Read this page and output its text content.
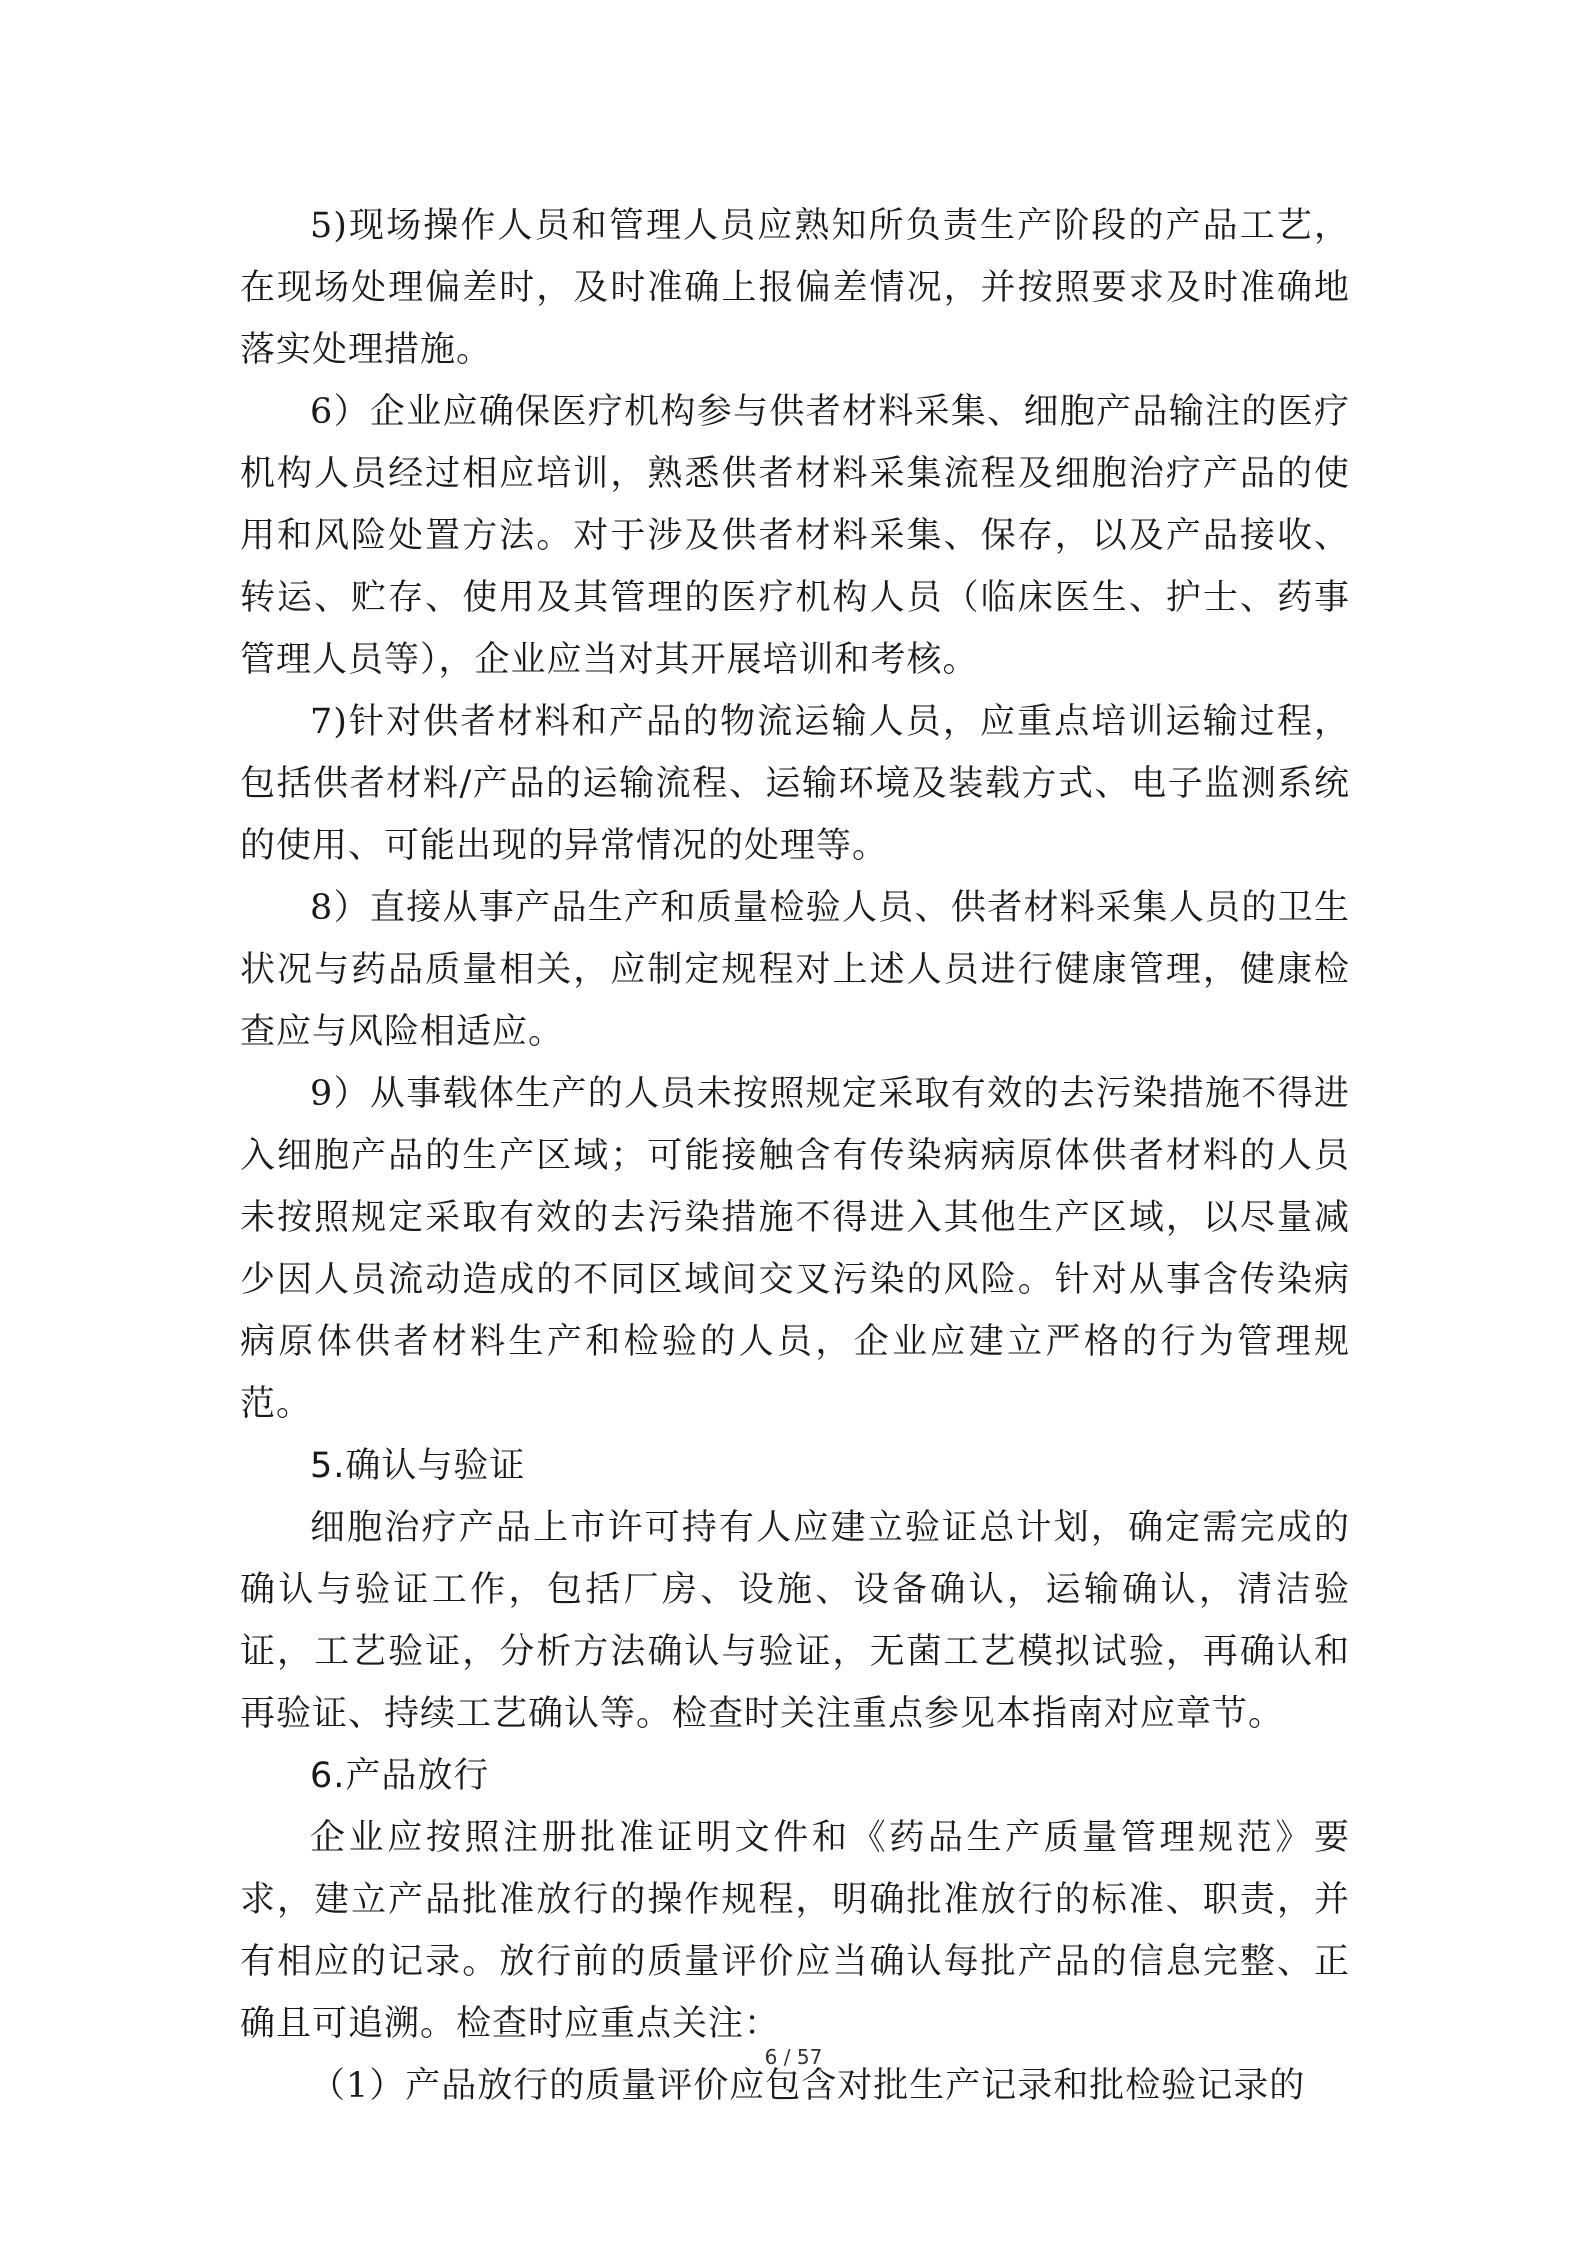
5)现场操作人员和管理人员应熟知所负责生产阶段的产品工艺，在现场处理偏差时，及时准确上报偏差情况，并按照要求及时准确地落实处理措施。

6）企业应确保医疗机构参与供者材料采集、细胞产品输注的医疗机构人员经过相应培训，熟悉供者材料采集流程及细胞治疗产品的使用和风险处置方法。对于涉及供者材料采集、保存，以及产品接收、转运、贮存、使用及其管理的医疗机构人员（临床医生、护士、药事管理人员等），企业应当对其开展培训和考核。

7)针对供者材料和产品的物流运输人员，应重点培训运输过程，包括供者材料/产品的运输流程、运输环境及装载方式、电子监测系统的使用、可能出现的异常情况的处理等。

8）直接从事产品生产和质量检验人员、供者材料采集人员的卫生状况与药品质量相关，应制定规程对上述人员进行健康管理，健康检查应与风险相适应。

9）从事载体生产的人员未按照规定采取有效的去污染措施不得进入细胞产品的生产区域；可能接触含有传染病病原体供者材料的人员未按照规定采取有效的去污染措施不得进入其他生产区域，以尽量减少因人员流动造成的不同区域间交叉污染的风险。针对从事含传染病病原体供者材料生产和检验的人员，企业应建立严格的行为管理规范。

5.确认与验证

细胞治疗产品上市许可持有人应建立验证总计划，确定需完成的确认与验证工作，包括厂房、设施、设备确认，运输确认，清洁验证，工艺验证，分析方法确认与验证，无菌工艺模拟试验，再确认和再验证、持续工艺确认等。检查时关注重点参见本指南对应章节。

6.产品放行

企业应按照注册批准证明文件和《药品生产质量管理规范》要求，建立产品批准放行的操作规程，明确批准放行的标准、职责，并有相应的记录。放行前的质量评价应当确认每批产品的信息完整、正确且可追溯。检查时应重点关注：

（1）产品放行的质量评价应包含对批生产记录和批检验记录的

6 / 57
